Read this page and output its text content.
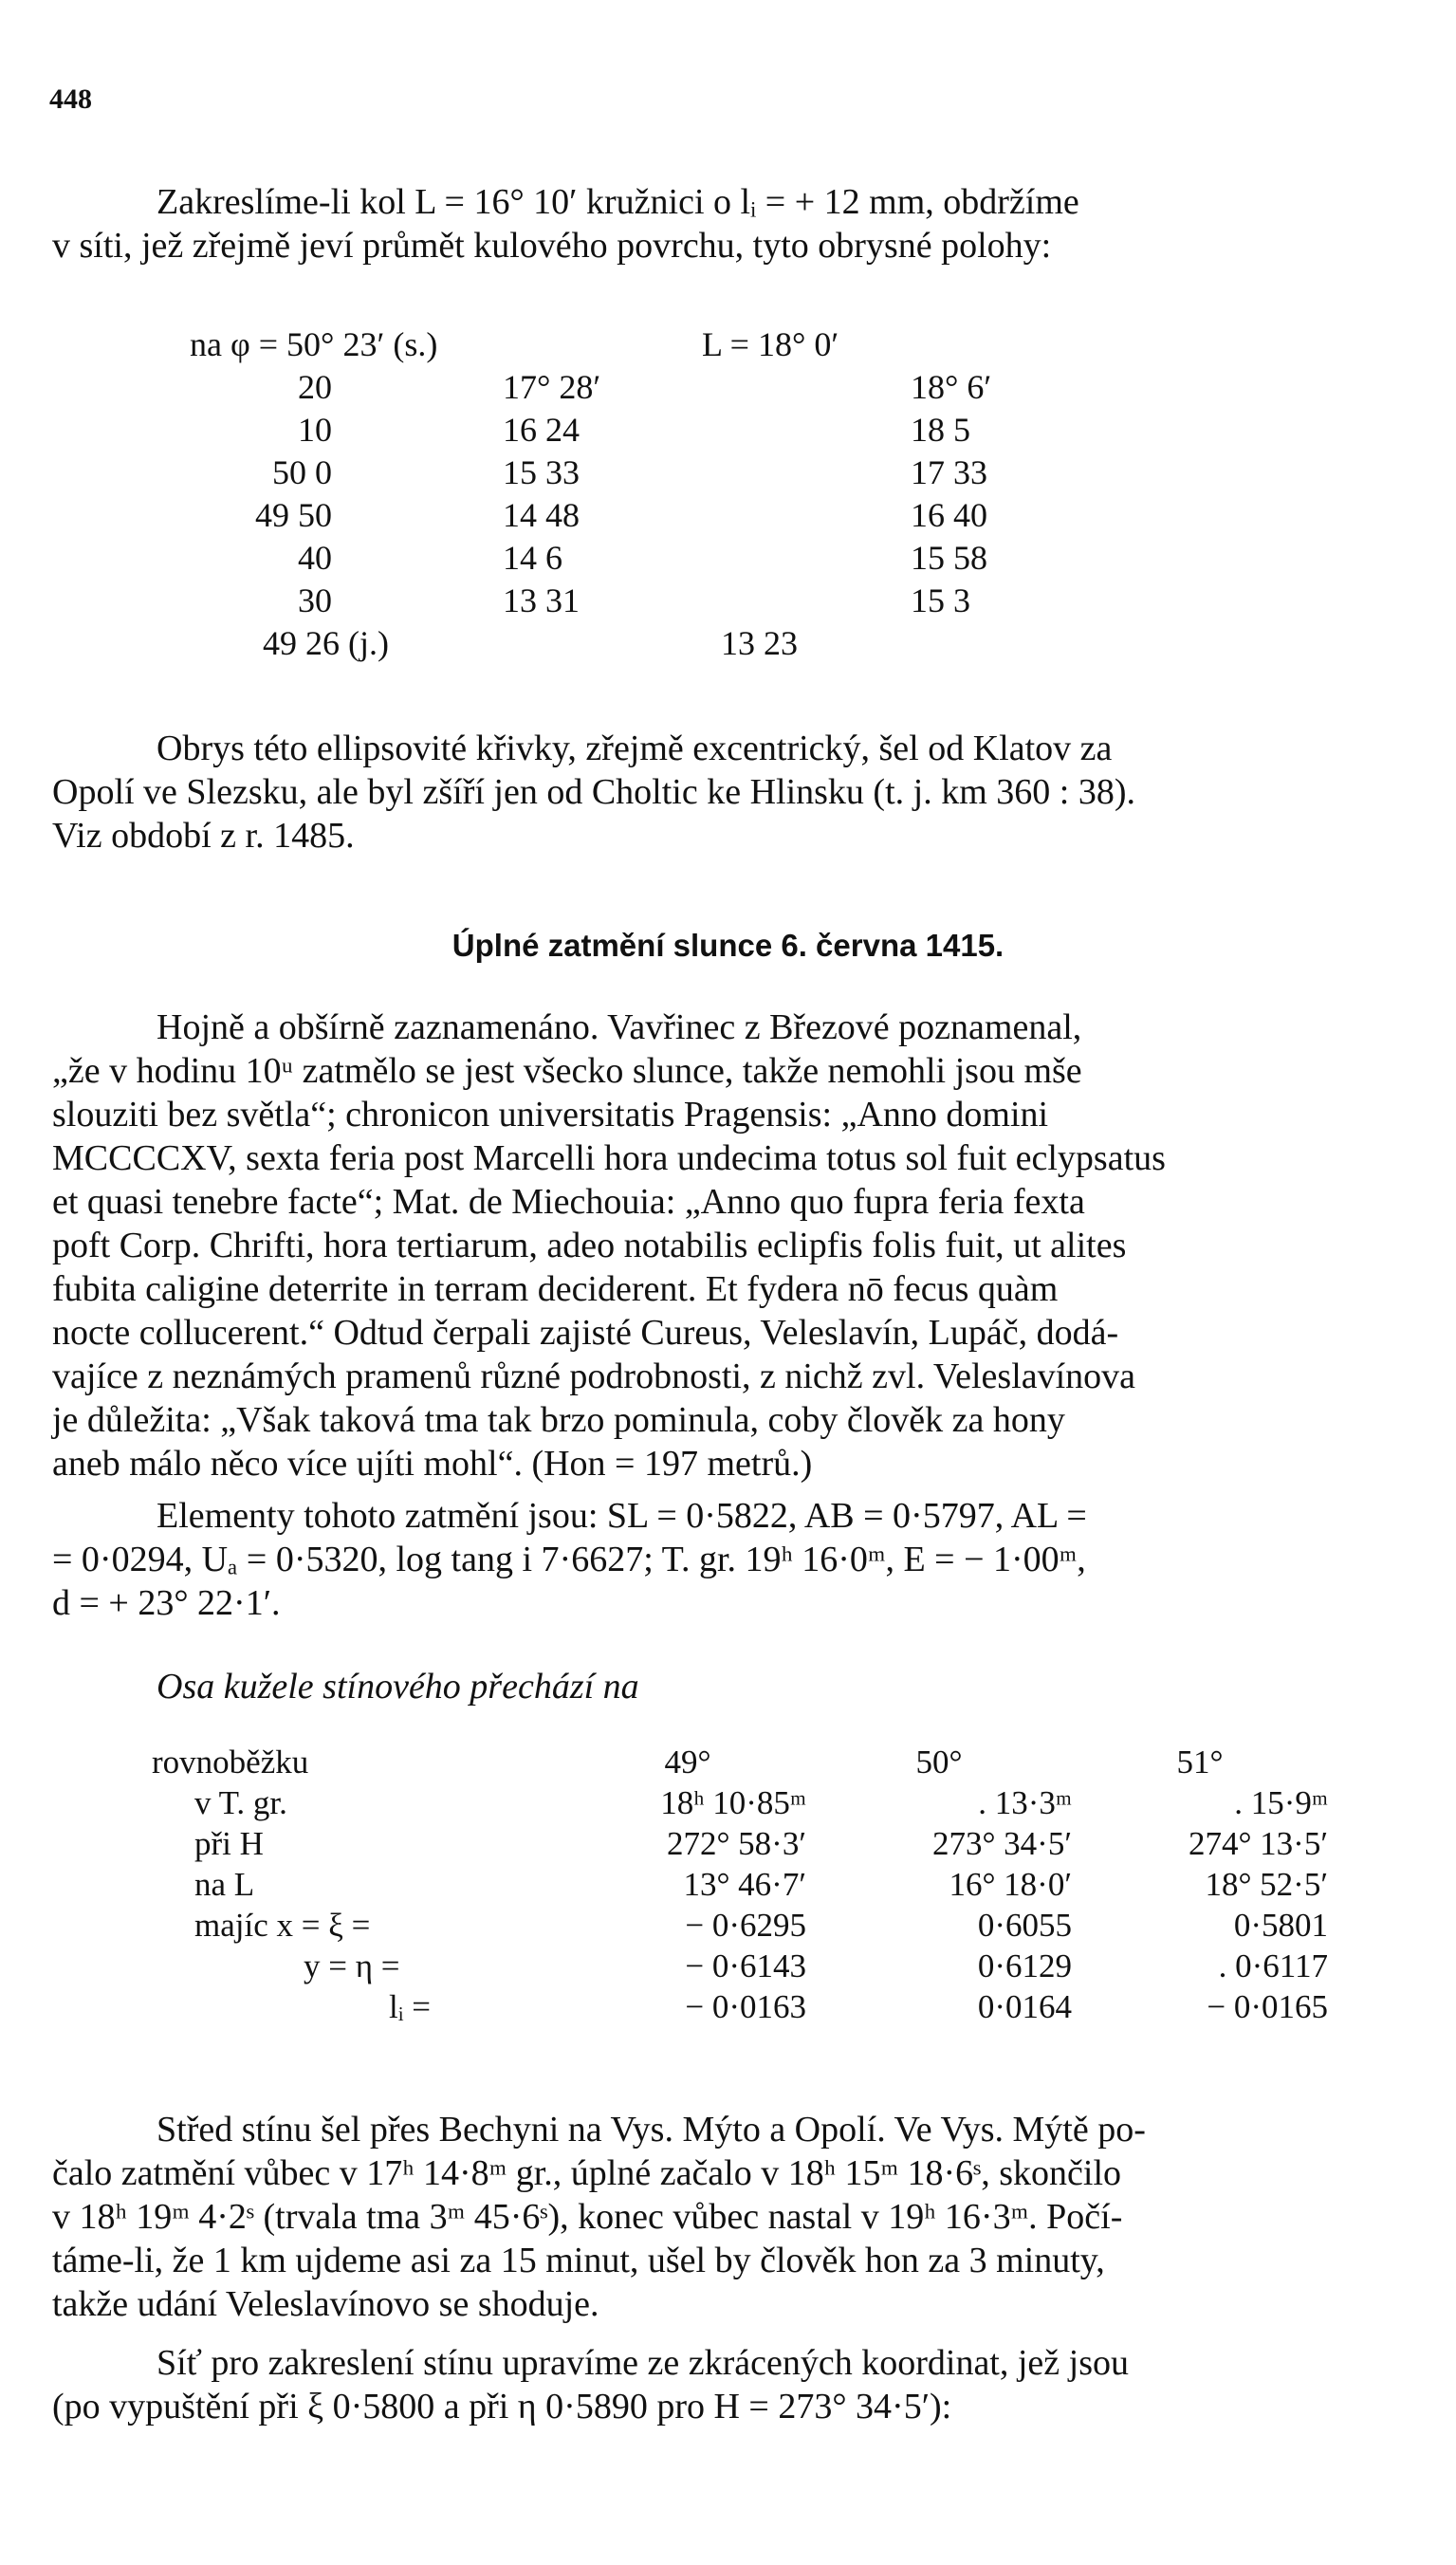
448
Zakreslíme-li kol L = 16° 10′ kružnici o lᵢ = + 12 mm, obdržíme
v síti, jež zřejmě jeví průmět kulového povrchu, tyto obrysné polohy:
na φ = 50° 23′ (s.)		L = 18° 0′	
20	17° 28′		18° 6′
10	16 24		18 5
50 0	15 33		17 33
49 50	14 48		16 40
40	14 6		15 58
30	13 31		15 3
49 26 (j.)		13 23	
Obrys této ellipsovité křivky, zřejmě excentrický, šel od Klatov za
Opolí ve Slezsku, ale byl zšíří jen od Choltic ke Hlinsku (t. j. km 360 : 38).
Viz období z r. 1485.
Úplné zatmění slunce 6. června 1415.
Hojně a obšírně zaznamenáno. Vavřinec z Březové poznamenal,
„že v hodinu 10ᵘ zatmělo se jest všecko slunce, takže nemohli jsou mše
slouziti bez světla“; chronicon universitatis Pragensis: „Anno domini
MCCCCXV, sexta feria post Marcelli hora undecima totus sol fuit eclypsatus
et quasi tenebre facte“; Mat. de Miechouia: „Anno quo fupra feria fexta
poft Corp. Chrifti, hora tertiarum, adeo notabilis eclipfis folis fuit, ut alites
fubita caligine deterrite in terram deciderent. Et fydera nō fecus quàm
nocte collucerent.“ Odtud čerpali zajisté Cureus, Veleslavín, Lupáč, dodá-
vajíce z neznámých pramenů různé podrobnosti, z nichž zvl. Veleslavínova
je důležita: „Však taková tma tak brzo pominula, coby člověk za hony
aneb málo něco více ujíti mohl“. (Hon = 197 metrů.)
Elementy tohoto zatmění jsou: SL = 0·5822, AB = 0·5797, AL =
= 0·0294, Uₐ = 0·5320, log tang i 7·6627; T. gr. 19ʰ 16·0ᵐ, E = − 1·00ᵐ,
d = + 23° 22·1′.
Osa kužele stínového přechází na
rovnoběžku	49°	50°	51°
v T. gr.	18ʰ 10·85ᵐ	. 13·3ᵐ	. 15·9ᵐ
při H	272° 58·3′	273° 34·5′	274° 13·5′
na L	13° 46·7′	16° 18·0′	18° 52·5′
majíc x = ξ =	− 0·6295	0·6055	0·5801
y = η =	− 0·6143	0·6129	. 0·6117
lᵢ =	− 0·0163	0·0164	− 0·0165
Střed stínu šel přes Bechyni na Vys. Mýto a Opolí. Ve Vys. Mýtě po-
čalo zatmění vůbec v 17ʰ 14·8ᵐ gr., úplné začalo v 18ʰ 15ᵐ 18·6ˢ, skončilo
v 18ʰ 19ᵐ 4·2ˢ (trvala tma 3ᵐ 45·6ˢ), konec vůbec nastal v 19ʰ 16·3ᵐ. Počí-
táme-li, že 1 km ujdeme asi za 15 minut, ušel by člověk hon za 3 minuty,
takže udání Veleslavínovo se shoduje.
Síť pro zakreslení stínu upravíme ze zkrácených koordinat, jež jsou
(po vypuštění při ξ 0·5800 a při η 0·5890 pro H = 273° 34·5′):
